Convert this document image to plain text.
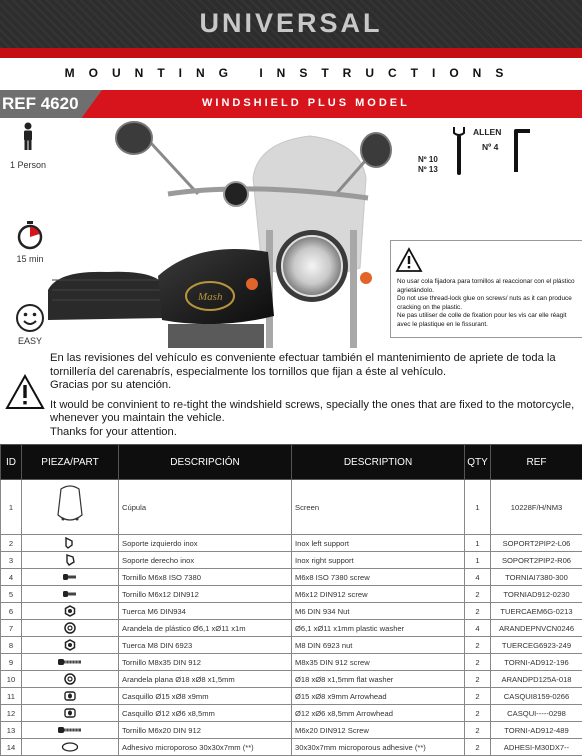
UNIVERSAL
MOUNTING INSTRUCTIONS
REF 4620	WINDSHIELD PLUS MODEL
1 Person
15 min
EASY
Mash
Nº 10
Nº 13
ALLEN
Nº 4

No usar cola fijadora para tornillos al reaccionar con el plástico agrietándolo.

Do not use thread-lock glue on screws/ nuts as it can produce cracking on the plastic.

Ne pas utiliser de colle de fixation pour les vis car elle réagit avec le plastique en le fissurant.

En las revisiones del vehículo es conveniente efectuar también el mantenimiento de apriete de toda la
tornillería del carenabrís, especialmente los tornillos que fijan a éste al vehículo.
Gracias por su atención.
It would be convinient to re-tight the windshield screws, specially the ones that are fixed to the motorcycle,
whenever you maintain the vehicle.
Thanks for your attention.
ID	PIEZA/PART	DESCRIPCIÓN	DESCRIPTION	QTY	REF
1		Cúpula	Screen	1	10228F/H/NM3
2		Soporte izquierdo inox	Inox left support	1	SOPORT2PIP2-L06
3		Soporte derecho inox	Inox right support	1	SOPORT2PIP2-R06
4		Tornillo M6x8 ISO 7380	M6x8 ISO 7380 screw	4	TORNIAI7380-300
5		Tornillo M6x12 DIN912	M6x12 DIN912 screw	2	TORNIAD912-0230
6		Tuerca M6 DIN934	M6 DIN 934 Nut	2	TUERCAEM6G-0213
7		Arandela de plástico Ø6,1 xØ11 x1m	Ø6,1 xØ11 x1mm plastic washer	4	ARANDEPNVCN0246
8		Tuerca M8 DIN 6923	M8 DIN 6923 nut	2	TUERCEG6923-249
9		Tornillo M8x35 DIN 912	M8x35 DIN 912 screw	2	TORNI-AD912-196
10		Arandela plana Ø18 xØ8 x1,5mm	Ø18 xØ8 x1,5mm flat washer	2	ARANDPD125A-018
11		Casquillo Ø15 xØ8 x9mm	Ø15 xØ8 x9mm Arrowhead	2	CASQUI8159-0266
12		Casquillo Ø12 xØ6 x8,5mm	Ø12 xØ6 x8,5mm Arrowhead	2	CASQUI-----0298
13		Tornillo M6x20 DIN 912	M6x20 DIN912 Screw	2	TORNI-AD912-489
14		Adhesivo microporoso 30x30x7mm (**)	30x30x7mm microporous adhesive (**)	2	ADHESI-M30DX7--
